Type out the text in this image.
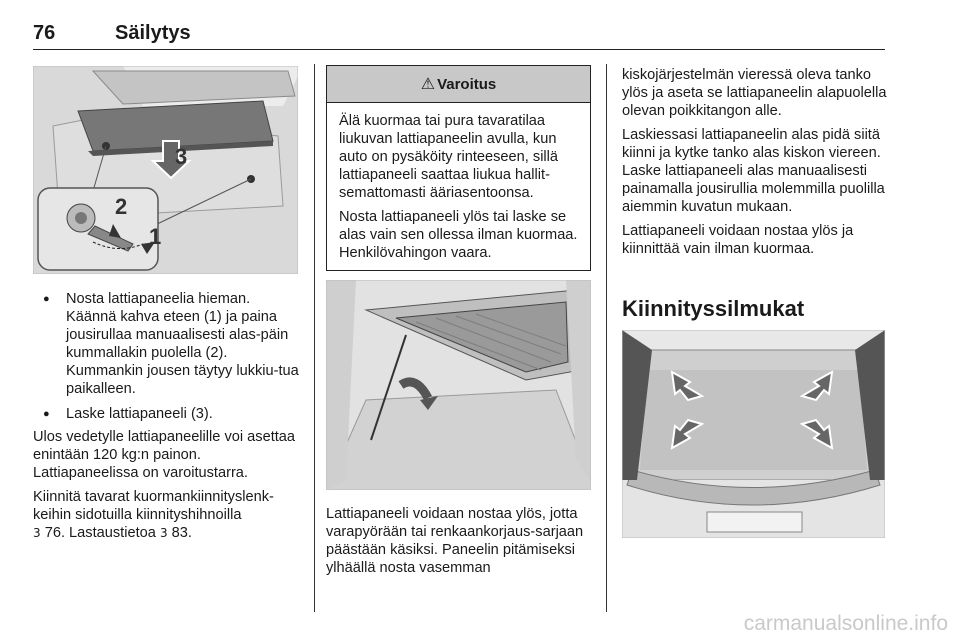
76	Säilytys
3
2
1
● Nosta lattiapaneelia hieman. Käännä kahva eteen (1) ja paina jousirullaa manuaalisesti alas-päin kummallakin puolella (2). Kummankin jousen täytyy lukkiu-tua paikalleen.
● Laske lattiapaneeli (3).

Ulos vedetylle lattiapaneelille voi asettaa enintään 120 kg:n painon. Lattiapaneelissa on varoitustarra.

Kiinnitä tavarat kuormankiinnityslenk-keihin sidotuilla kiinnityshihnoilla
3 76. Lastaustietoa 3 83.

⚠ Varoitus

Älä kuormaa tai pura tavaratilaa liukuvan lattiapaneelin avulla, kun auto on pysäköity rinteeseen, sillä lattiapaneeli saattaa liukua hallit-semattomasti ääriasentoonsa.

Nosta lattiapaneeli ylös tai laske se alas vain sen ollessa ilman kuormaa. Henkilövahingon vaara.

Lattiapaneeli voidaan nostaa ylös, jotta varapyörään tai renkaankorjaus-sarjaan päästään käsiksi. Paneelin pitämiseksi ylhäällä nosta vasemman

kiskojärjestelmän vieressä oleva tanko ylös ja aseta se lattiapaneelin alapuolella olevan poikkitangon alle.

Laskiessasi lattiapaneelin alas pidä siitä kiinni ja kytke tanko alas kiskon viereen. Laske lattiapaneeli alas manuaalisesti painamalla jousirullia molemmilla puolilla aiemmin kuvatun mukaan.

Lattiapaneeli voidaan nostaa ylös ja kiinnittää vain ilman kuormaa.

Kiinnityssilmukat
carmanualsonline.info
